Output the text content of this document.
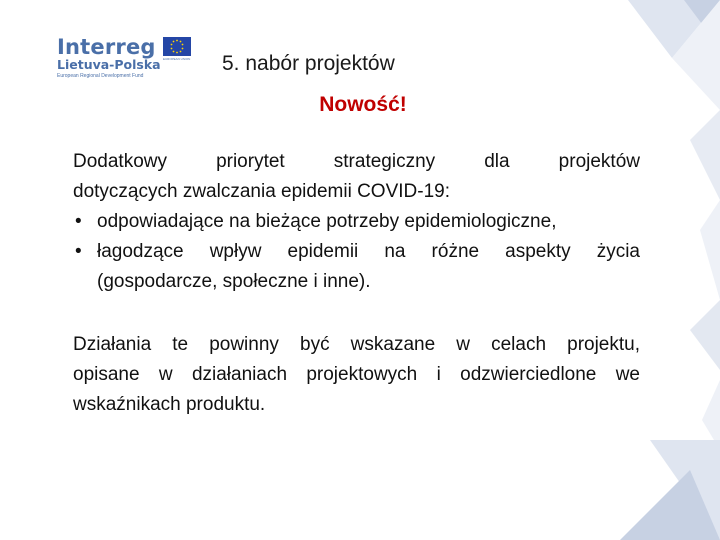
Interreg EUROPEAN UNION
Lietuva-Polska
European Regional Development Fund
5. nabór projektów
Nowość!
Dodatkowy priorytet strategiczny dla projektów
dotyczących zwalczania epidemii COVID-19:
• odpowiadające na bieżące potrzeby epidemiologiczne,
• łagodzące wpływ epidemii na różne aspekty życia
(gospodarcze, społeczne i inne).
Działania te powinny być wskazane w celach projektu,
opisane w działaniach projektowych i odzwierciedlone we
wskaźnikach produktu.
